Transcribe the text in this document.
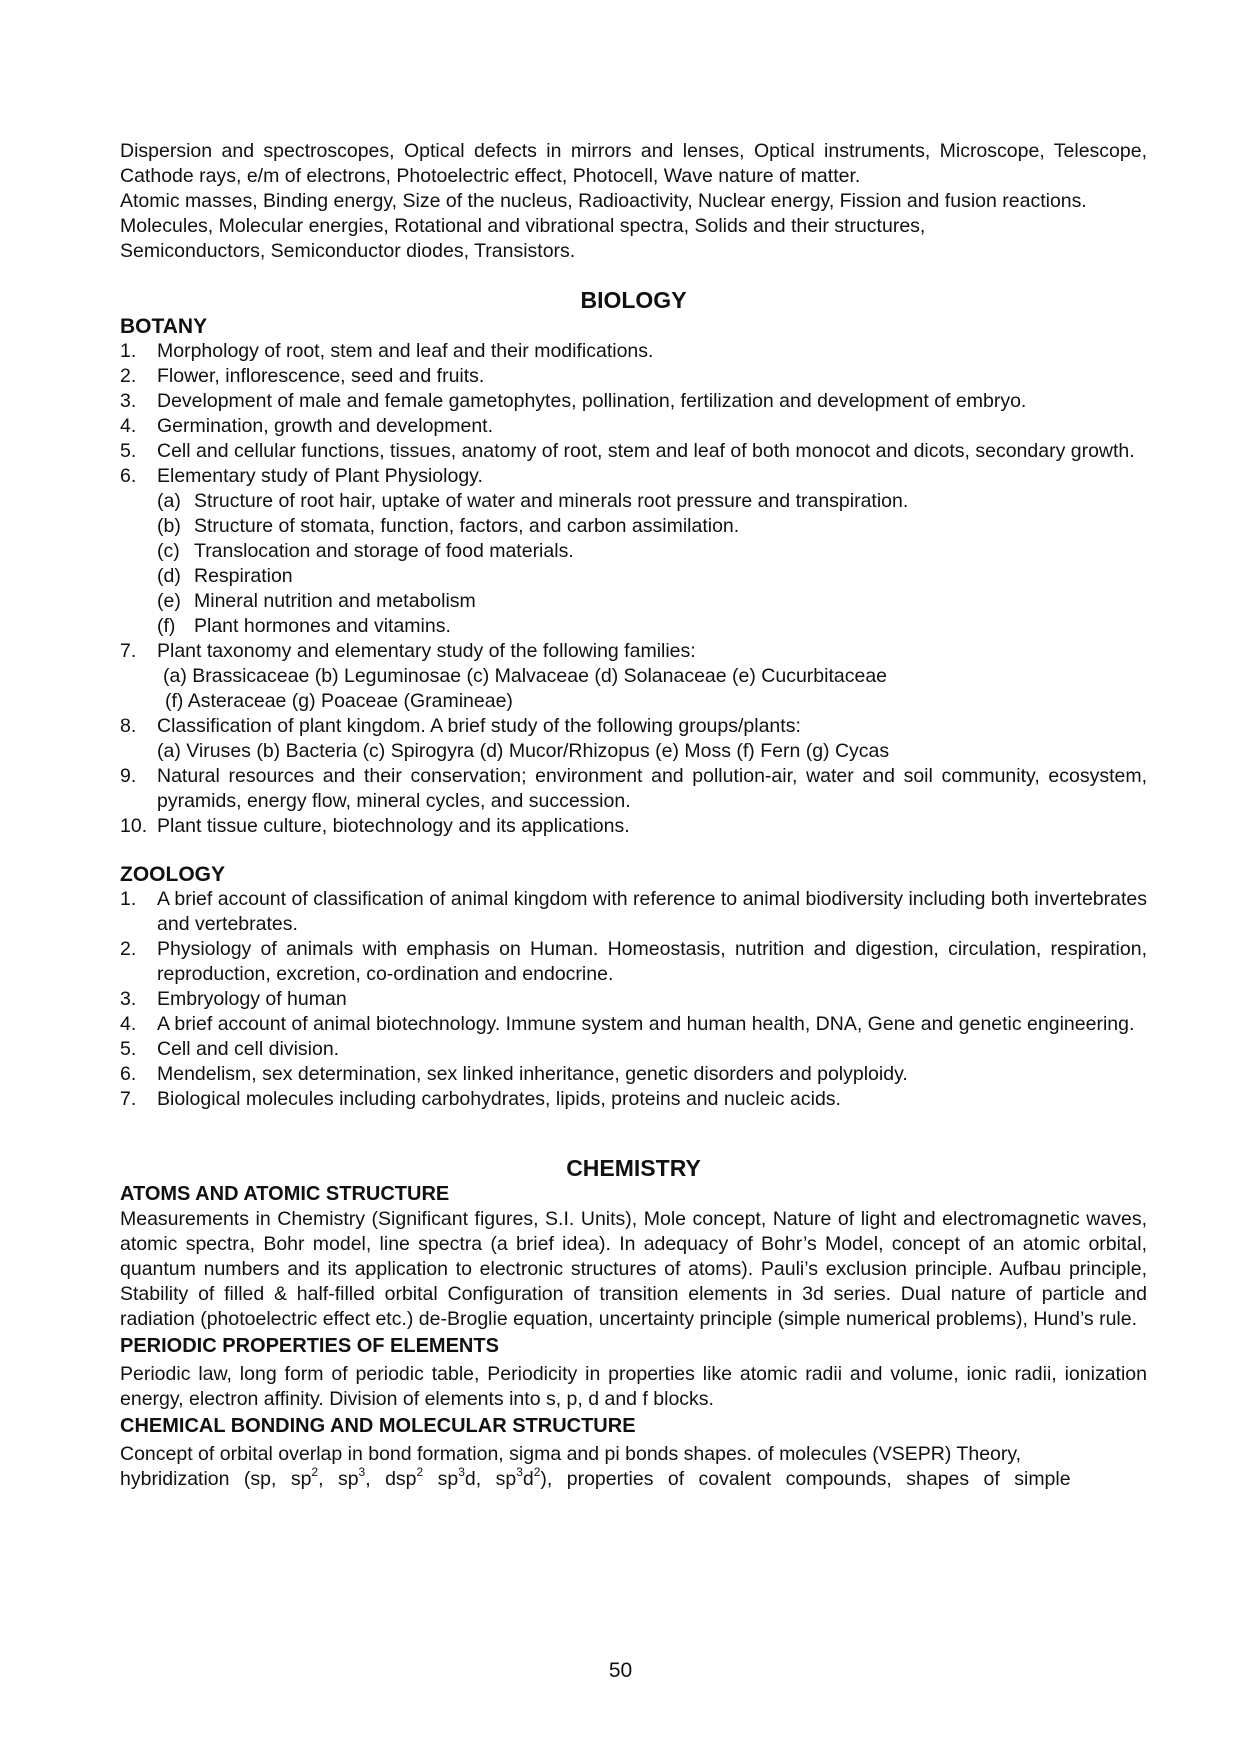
Dispersion and spectroscopes, Optical defects in mirrors and lenses, Optical instruments, Microscope, Telescope, Cathode rays, e/m of electrons, Photoelectric effect, Photocell, Wave nature of matter.

Atomic masses, Binding energy, Size of the nucleus, Radioactivity, Nuclear energy, Fission and fusion reactions.

Molecules, Molecular energies, Rotational and vibrational spectra, Solids and their structures,

Semiconductors, Semiconductor diodes, Transistors.

BIOLOGY
BOTANY
1. Morphology of root, stem and leaf and their modifications.
2. Flower, inflorescence, seed and fruits.
3. Development of male and female gametophytes, pollination, fertilization and development of embryo.
4. Germination, growth and development.
5. Cell and cellular functions, tissues, anatomy of root, stem and leaf of both monocot and dicots, secondary growth.
6. Elementary study of Plant Physiology.
(a) Structure of root hair, uptake of water and minerals root pressure and transpiration.
(b) Structure of stomata, function, factors, and carbon assimilation.
(c) Translocation and storage of food materials.
(d) Respiration
(e) Mineral nutrition and metabolism
(f) Plant hormones and vitamins.
7. Plant taxonomy and elementary study of the following families:
(a) Brassicaceae (b) Leguminosae (c) Malvaceae (d) Solanaceae (e) Cucurbitaceae
(f) Asteraceae (g) Poaceae (Gramineae)
8. Classification of plant kingdom. A brief study of the following groups/plants:
(a) Viruses (b) Bacteria (c) Spirogyra (d) Mucor/Rhizopus (e) Moss (f) Fern (g) Cycas
9. Natural resources and their conservation; environment and pollution-air, water and soil community, ecosystem, pyramids, energy flow, mineral cycles, and succession.
10. Plant tissue culture, biotechnology and its applications.
ZOOLOGY
1. A brief account of classification of animal kingdom with reference to animal biodiversity including both invertebrates and vertebrates.
2. Physiology of animals with emphasis on Human. Homeostasis, nutrition and digestion, circulation, respiration, reproduction, excretion, co-ordination and endocrine.
3. Embryology of human
4. A brief account of animal biotechnology. Immune system and human health, DNA, Gene and genetic engineering.
5. Cell and cell division.
6. Mendelism, sex determination, sex linked inheritance, genetic disorders and polyploidy.
7. Biological molecules including carbohydrates, lipids, proteins and nucleic acids.
CHEMISTRY
ATOMS AND ATOMIC STRUCTURE

Measurements in Chemistry (Significant figures, S.I. Units), Mole concept, Nature of light and electromagnetic waves, atomic spectra, Bohr model, line spectra (a brief idea). In adequacy of Bohr’s Model, concept of an atomic orbital, quantum numbers and its application to electronic structures of atoms). Pauli’s exclusion principle. Aufbau principle, Stability of filled & half-filled orbital Configuration of transition elements in 3d series. Dual nature of particle and radiation (photoelectric effect etc.) de-Broglie equation, uncertainty principle (simple numerical problems), Hund’s rule.

PERIODIC PROPERTIES OF ELEMENTS

Periodic law, long form of periodic table, Periodicity in properties like atomic radii and volume, ionic radii, ionization energy, electron affinity. Division of elements into s, p, d and f blocks.

CHEMICAL BONDING AND MOLECULAR STRUCTURE

Concept of orbital overlap in bond formation, sigma and pi bonds shapes. of molecules (VSEPR) Theory,

hybridization (sp, $sp^2$, $sp^3$, dsp$^2$ $sp^3d$, $sp^3d^2$), properties of covalent compounds, shapes of simple

50
